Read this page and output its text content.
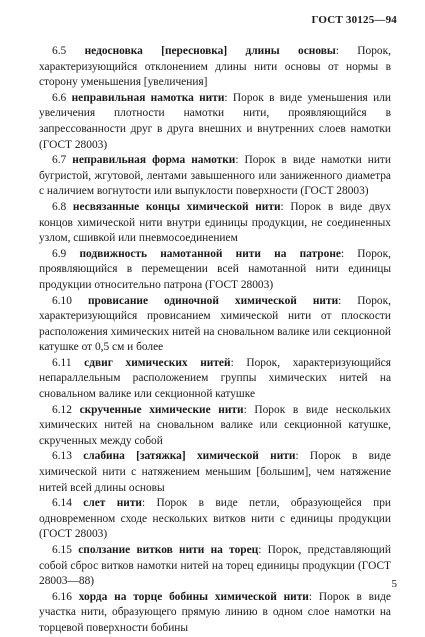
ГОСТ 30125—94

6.5 недосновка [пересновка] длины основы: Порок, характеризующийся отклонением длины нити основы от нормы в сторону уменьшения [увеличения]

6.6 неправильная намотка нити: Порок в виде уменьшения или увеличения плотности намотки нити, проявляющийся в запрессованности друг в друга внешних и внутренних слоев намотки (ГОСТ 28003)

6.7 неправильная форма намотки: Порок в виде намотки нити бугристой, жгутовой, лентами завышенного или заниженного диаметра с наличием вогнутости или выпуклости поверхности (ГОСТ 28003)

6.8 несвязанные концы химической нити: Порок в виде двух концов химической нити внутри единицы продукции, не соединенных узлом, сшивкой или пневмосоединением

6.9 подвижность намотанной нити на патроне: Порок, проявляющийся в перемещении всей намотанной нити единицы продукции относительно патрона (ГОСТ 28003)

6.10 провисание одиночной химической нити: Порок, характеризующийся провисанием химической нити от плоскости расположения химических нитей на сновальном валике или секционной катушке от 0,5 см и более

6.11 сдвиг химических нитей: Порок, характеризующийся непараллельным расположением группы химических нитей на сновальном валике или секционной катушке

6.12 скрученные химические нити: Порок в виде нескольких химических нитей на сновальном валике или секционной катушке, скрученных между собой

6.13 слабина [затяжка] химической нити: Порок в виде химической нити с натяжением меньшим [большим], чем натяжение нитей всей длины основы

6.14 слет нити: Порок в виде петли, образующейся при одновременном сходе нескольких витков нити с единицы продукции (ГОСТ 28003)

6.15 сползание витков нити на торец: Порок, представляющий собой сброс витков намотки нитей на торец единицы продукции (ГОСТ 28003—88)

6.16 хорда на торце бобины химической нити: Порок в виде участка нити, образующего прямую линию в одном слое намотки на торцевой поверхности бобины

5
